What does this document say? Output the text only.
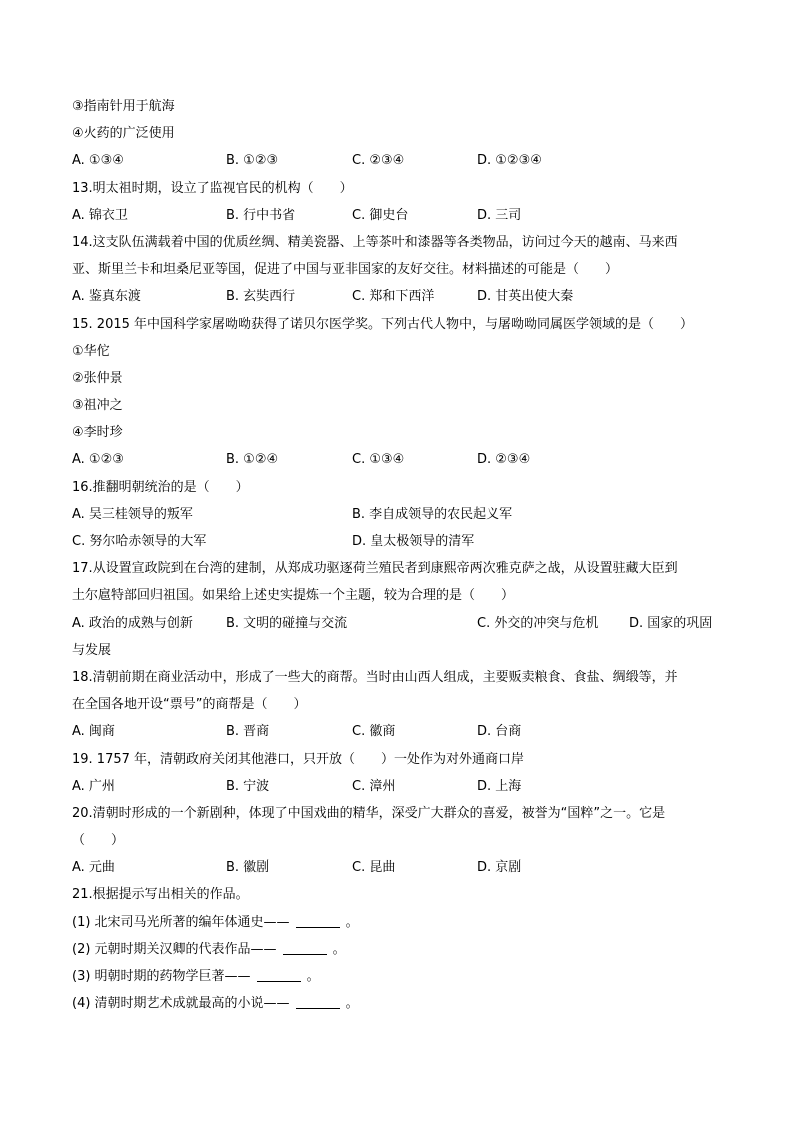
③指南针用于航海
④火药的广泛使用
A. ①③④	B. ①②③	C. ②③④	D. ①②③④
13.明太祖时期，设立了监视官民的机构（　　）
A. 锦衣卫	B. 行中书省	C. 御史台	D. 三司
14.这支队伍满载着中国的优质丝绸、精美瓷器、上等茶叶和漆器等各类物品，访问过今天的越南、马来西
亚、斯里兰卡和坦桑尼亚等国，促进了中国与亚非国家的友好交往。材料描述的可能是（　　）
A. 鉴真东渡	B. 玄奘西行	C. 郑和下西洋	D. 甘英出使大秦
15. 2015 年中国科学家屠呦呦获得了诺贝尔医学奖。下列古代人物中，与屠呦呦同属医学领域的是（　　）
①华佗
②张仲景
③祖冲之
④李时珍
A. ①②③	B. ①②④	C. ①③④	D. ②③④
16.推翻明朝统治的是（　　）
A. 吴三桂领导的叛军	B. 李自成领导的农民起义军
C. 努尔哈赤领导的大军	D. 皇太极领导的清军
17.从设置宣政院到在台湾的建制，从郑成功驱逐荷兰殖民者到康熙帝两次雅克萨之战，从设置驻藏大臣到
土尔扈特部回归祖国。如果给上述史实提炼一个主题，较为合理的是（　　）
A. 政治的成熟与创新	B. 文明的碰撞与交流	C. 外交的冲突与危机 D. 国家的巩固
与发展
18.清朝前期在商业活动中，形成了一些大的商帮。当时由山西人组成，主要贩卖粮食、食盐、绸缎等，并
在全国各地开设“票号”的商帮是（　　）
A. 闽商	B. 晋商	C. 徽商	D. 台商
19. 1757 年，清朝政府关闭其他港口，只开放（　　）一处作为对外通商口岸
A. 广州	B. 宁波	C. 漳州	D. 上海
20.清朝时形成的一个新剧种，体现了中国戏曲的精华，深受广大群众的喜爱，被誉为“国粹”之一。它是
（　　）
A. 元曲	B. 徽剧	C. 昆曲	D. 京剧
21.根据提示写出相关的作品。
(1) 北宋司马光所著的编年体通史——	。
(2) 元朝时期关汉卿的代表作品——	。
(3) 明朝时期的药物学巨著——	。
(4) 清朝时期艺术成就最高的小说——	。
